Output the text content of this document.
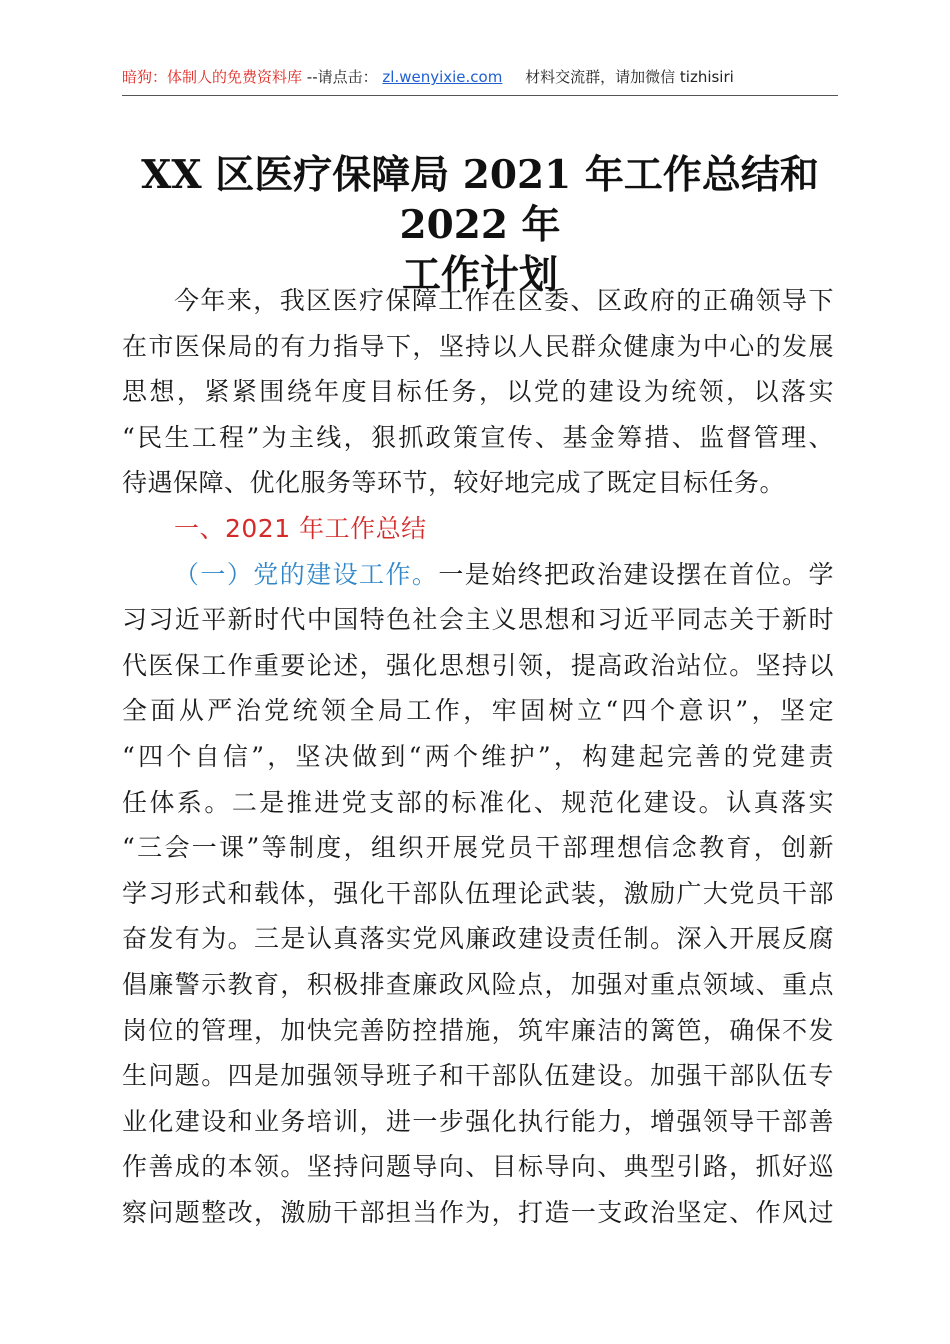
暗狗：体制人的免费资料库 --请点击： zl.wenyixie.com 材料交流群，请加微信 tizhisiri
XX 区医疗保障局 2021 年工作总结和 2022 年
工作计划
今年来，我区医疗保障工作在区委、区政府的正确领导下
在市医保局的有力指导下，坚持以人民群众健康为中心的发展
思想，紧紧围绕年度目标任务，以党的建设为统领，以落实
“民生工程”为主线，狠抓政策宣传、基金筹措、监督管理、
待遇保障、优化服务等环节，较好地完成了既定目标任务。
一、2021 年工作总结
（一）党的建设工作。一是始终把政治建设摆在首位。学
习习近平新时代中国特色社会主义思想和习近平同志关于新时
代医保工作重要论述，强化思想引领，提高政治站位。坚持以
全面从严治党统领全局工作，牢固树立“四个意识”，坚定
“四个自信”，坚决做到“两个维护”，构建起完善的党建责
任体系。二是推进党支部的标准化、规范化建设。认真落实
“三会一课”等制度，组织开展党员干部理想信念教育，创新
学习形式和载体，强化干部队伍理论武装，激励广大党员干部
奋发有为。三是认真落实党风廉政建设责任制。深入开展反腐
倡廉警示教育，积极排查廉政风险点，加强对重点领域、重点
岗位的管理，加快完善防控措施，筑牢廉洁的篱笆，确保不发
生问题。四是加强领导班子和干部队伍建设。加强干部队伍专
业化建设和业务培训，进一步强化执行能力，增强领导干部善
作善成的本领。坚持问题导向、目标导向、典型引路，抓好巡
察问题整改，激励干部担当作为，打造一支政治坚定、作风过
